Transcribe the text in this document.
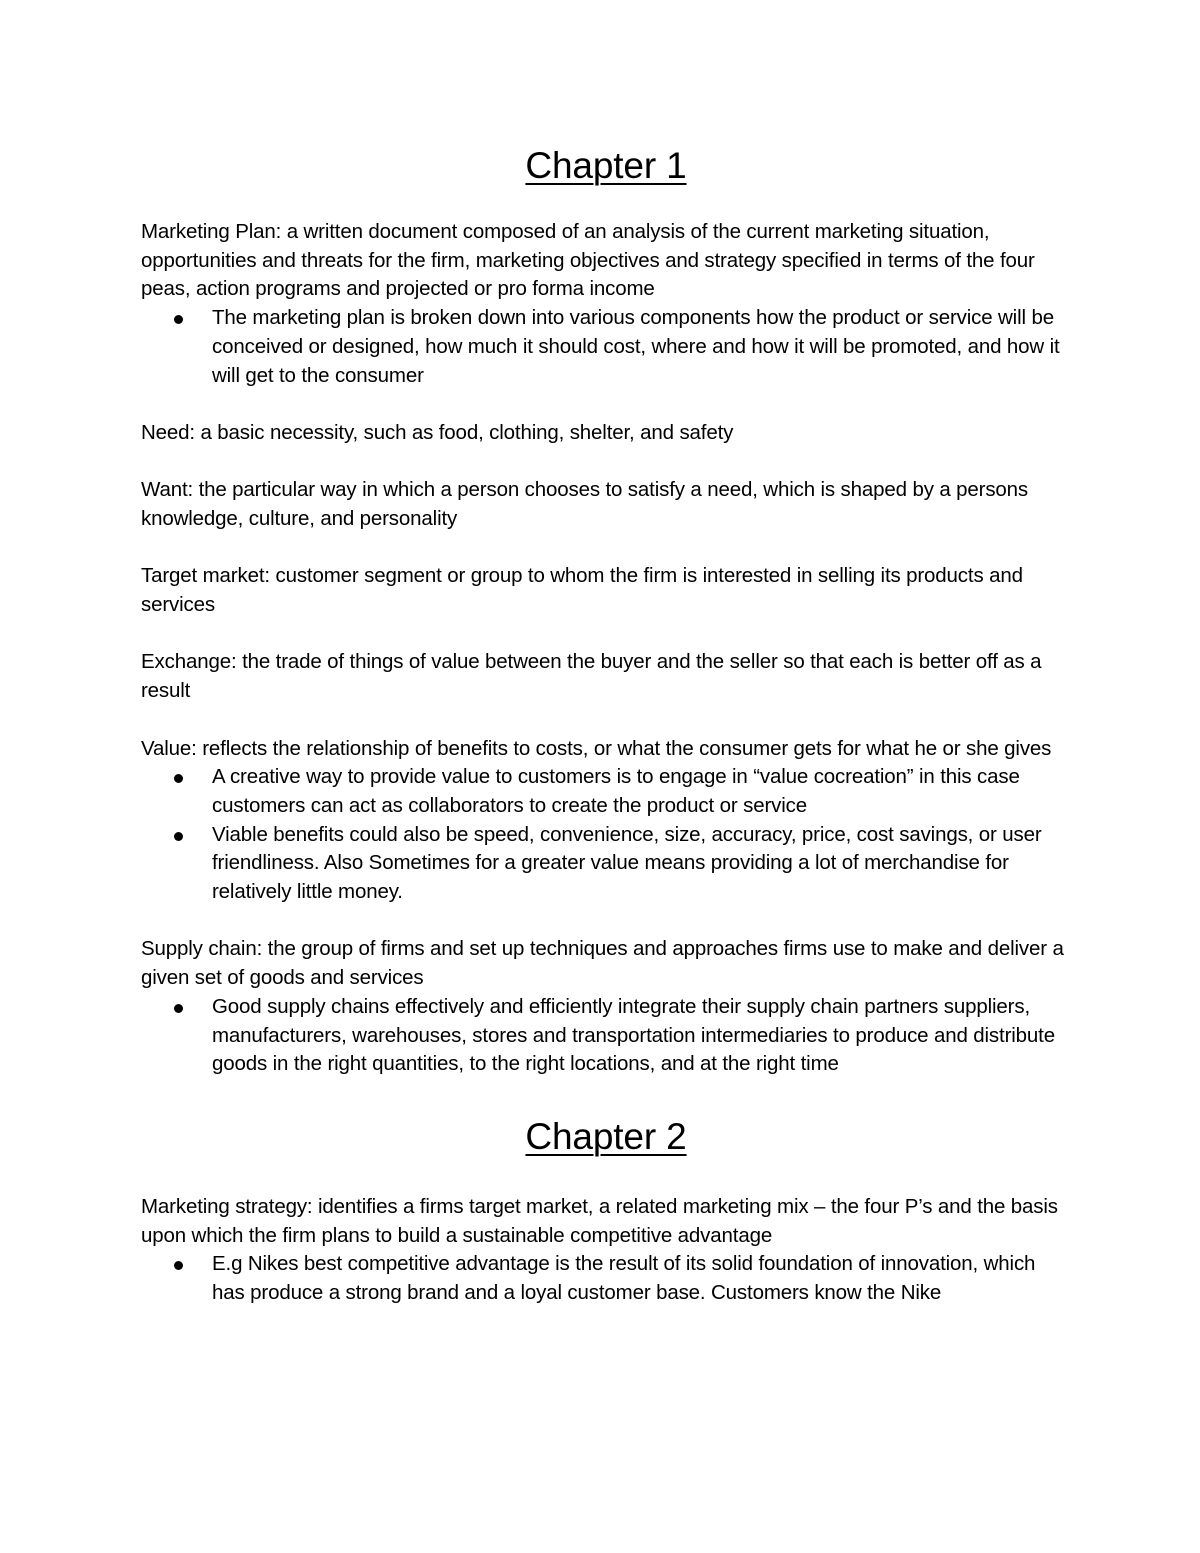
Chapter 1

Marketing Plan: a written document composed of an analysis of the current marketing situation, opportunities and threats for the firm, marketing objectives and strategy specified in terms of the four peas, action programs and projected or pro forma income

The marketing plan is broken down into various components how the product or service will be conceived or designed, how much it should cost, where and how it will be promoted, and how it will get to the consumer

Need: a basic necessity, such as food, clothing, shelter, and safety

Want: the particular way in which a person chooses to satisfy a need, which is shaped by a persons knowledge, culture, and personality

Target market: customer segment or group to whom the firm is interested in selling its products and services

Exchange: the trade of things of value between the buyer and the seller so that each is better off as a result

Value: reflects the relationship of benefits to costs, or what the consumer gets for what he or she gives

A creative way to provide value to customers is to engage in “value cocreation” in this case customers can act as collaborators to create the product or service
Viable benefits could also be speed, convenience, size, accuracy, price, cost savings, or user friendliness. Also Sometimes for a greater value means providing a lot of merchandise for relatively little money.

Supply chain: the group of firms and set up techniques and approaches firms use to make and deliver a given set of goods and services

Good supply chains effectively and efficiently integrate their supply chain partners suppliers, manufacturers, warehouses, stores and transportation intermediaries to produce and distribute goods in the right quantities, to the right locations, and at the right time
Chapter 2

Marketing strategy: identifies a firms target market, a related marketing mix – the four P’s and the basis upon which the firm plans to build a sustainable competitive advantage

E.g Nikes best competitive advantage is the result of its solid foundation of innovation, which has produce a strong brand and a loyal customer base. Customers know the Nike
